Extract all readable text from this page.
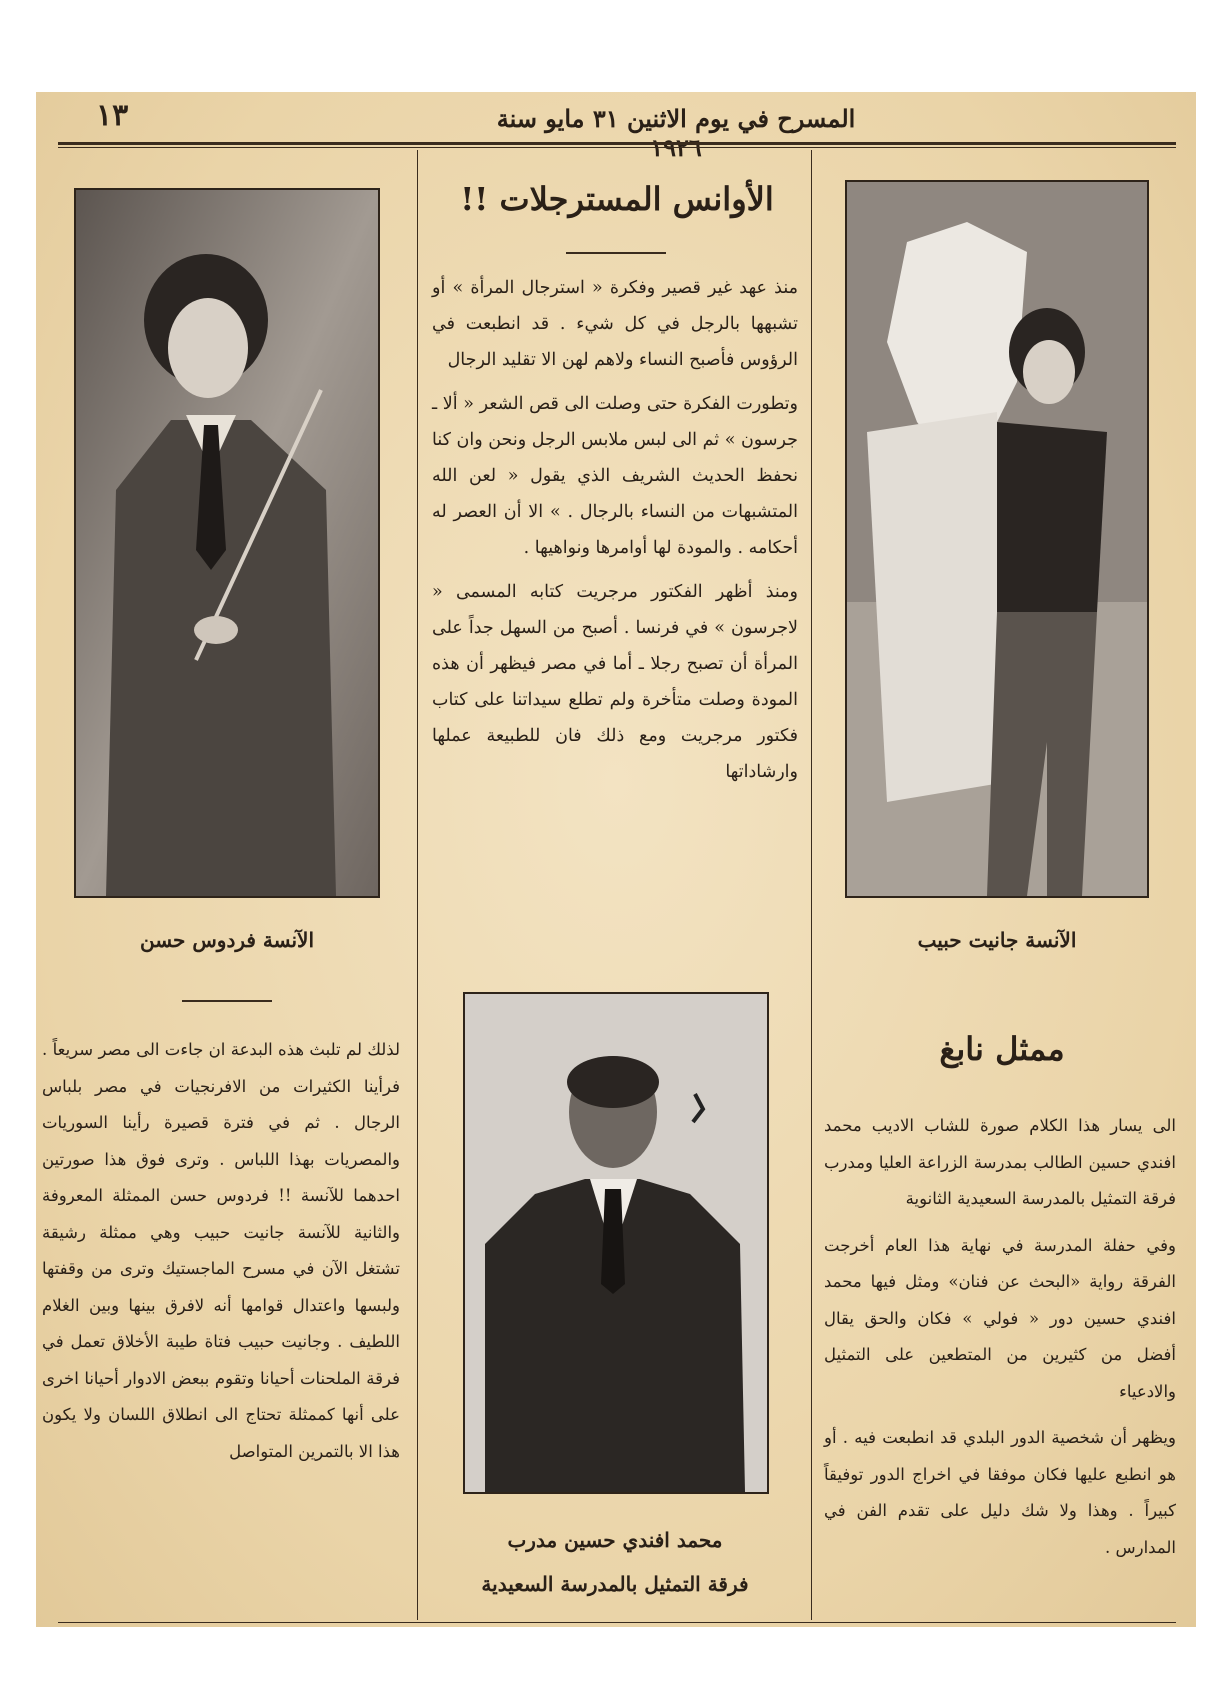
المسرح في يوم الاثنين ٣١ مايو سنة
١٣
الآنسة فردوس حسن
لذلك لم تلبث هذه البدعة ان جاءت الى مصر سريعاً . فرأينا الكثيرات من الافرنجيات في مصر بلباس الرجال . ثم في فترة قصيرة رأينا السوريات والمصريات بهذا اللباس . وترى فوق هذا صورتين احدهما للآنسة !! فردوس حسن الممثلة المعروفة والثانية للآنسة جانيت حبيب وهي ممثلة رشيقة تشتغل الآن في مسرح الماجستيك وترى من وقفتها ولبسها واعتدال قوامها أنه لافرق بينها وبين الغلام اللطيف . وجانيت حبيب فتاة طيبة الأخلاق تعمل في فرقة الملحنات أحيانا وتقوم ببعض الادوار أحيانا اخرى على أنها كممثلة تحتاج الى انطلاق اللسان ولا يكون هذا الا بالتمرين المتواصل
الأوانس المسترجلات !!

منذ عهد غير قصير وفكرة « استرجال المرأة » أو تشبهها بالرجل في كل شيء . قد انطبعت في الرؤوس فأصبح النساء ولاهم لهن الا تقليد الرجال

وتطورت الفكرة حتى وصلت الى قص الشعر « ألا ـ جرسون » ثم الى لبس ملابس الرجل ونحن وان كنا نحفظ الحديث الشريف الذي يقول « لعن الله المتشبهات من النساء بالرجال . » الا أن العصر له أحكامه . والمودة لها أوامرها ونواهيها .

ومنذ أظهر الفكتور مرجريت كتابه المسمى « لاجرسون » في فرنسا . أصبح من السهل جداً على المرأة أن تصبح رجلا ـ أما في مصر فيظهر أن هذه المودة وصلت متأخرة ولم تطلع سيداتنا على كتاب فكتور مرجريت ومع ذلك فان للطبيعة عملها وارشاداتها

محمد افندي حسين مدرب
فرقة التمثيل بالمدرسة السعيدية
الآنسة جانيت حبيب
ممثل نابغ

الى يسار هذا الكلام صورة للشاب الاديب محمد افندي حسين الطالب بمدرسة الزراعة العليا ومدرب فرقة التمثيل بالمدرسة السعيدية الثانوية

وفي حفلة المدرسة في نهاية هذا العام أخرجت الفرقة رواية «البحث عن فنان» ومثل فيها محمد افندي حسين دور « فولي » فكان والحق يقال أفضل من كثيرين من المتطعين على التمثيل والادعياء

ويظهر أن شخصية الدور البلدي قد انطبعت فيه . أو هو انطبع عليها فكان موفقا في اخراج الدور توفيقاً كبيراً . وهذا ولا شك دليل على تقدم الفن في المدارس .
